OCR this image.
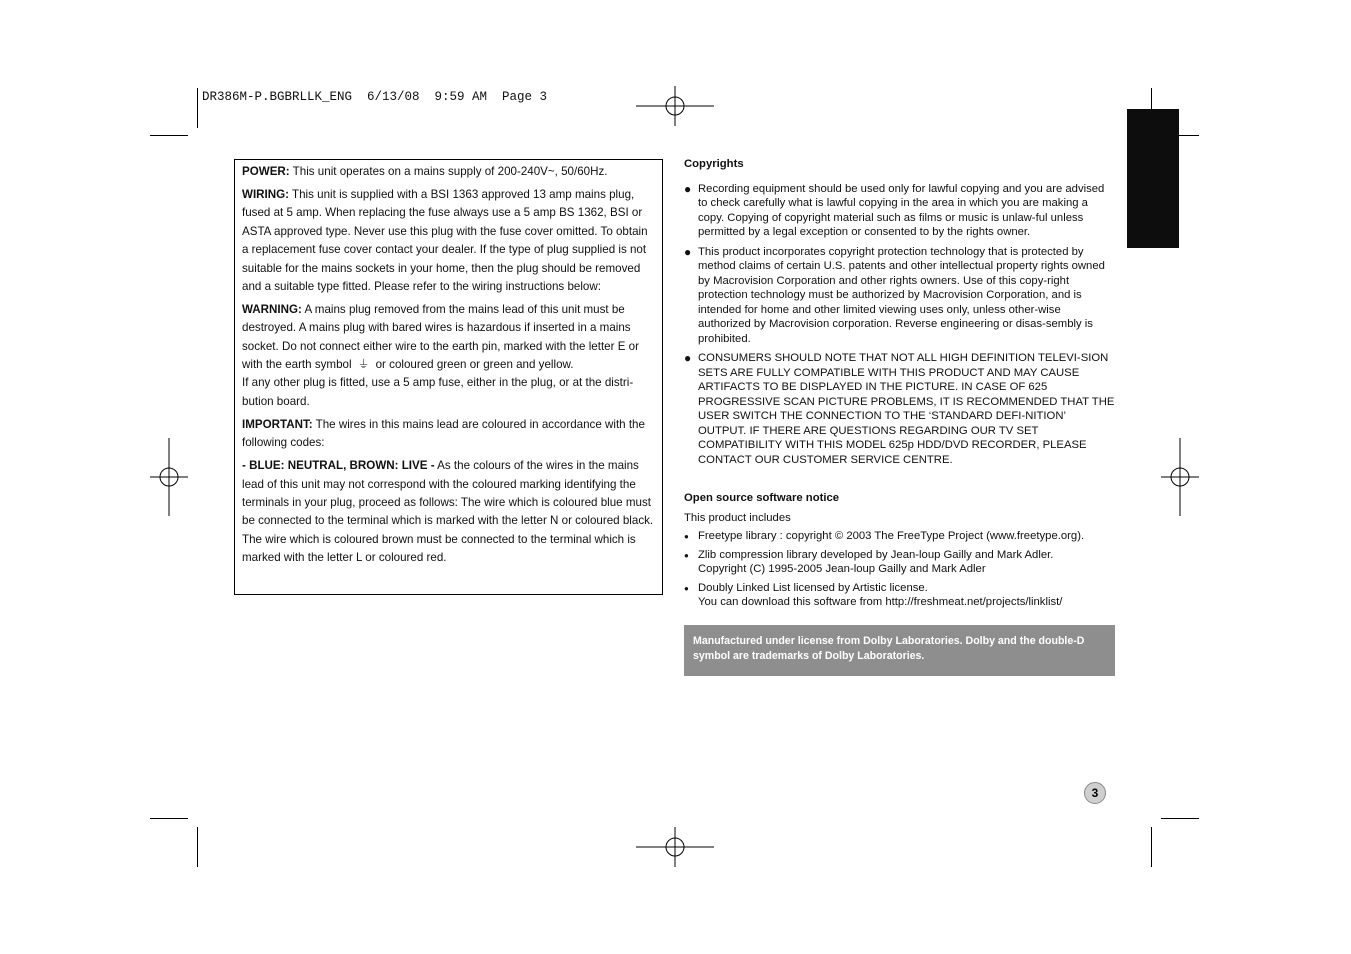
DR386M-P.BGBRLLK_ENG  6/13/08  9:59 AM  Page 3

POWER: This unit operates on a mains supply of 200-240V~, 50/60Hz.

WIRING: This unit is supplied with a BSI 1363 approved 13 amp mains plug, fused at 5 amp. When replacing the fuse always use a 5 amp BS 1362, BSI or ASTA approved type. Never use this plug with the fuse cover omitted. To obtain a replacement fuse cover contact your dealer. If the type of plug supplied is not suitable for the mains sockets in your home, then the plug should be removed and a suitable type fitted. Please refer to the wiring instructions below:

WARNING: A mains plug removed from the mains lead of this unit must be destroyed. A mains plug with bared wires is hazardous if inserted in a mains socket. Do not connect either wire to the earth pin, marked with the letter E or with the earth symbol ⏚ or coloured green or green and yellow.

If any other plug is fitted, use a 5 amp fuse, either in the plug, or at the distri-bution board.

IMPORTANT: The wires in this mains lead are coloured in accordance with the following codes:

- BLUE: NEUTRAL, BROWN: LIVE - As the colours of the wires in the mains lead of this unit may not correspond with the coloured marking identifying the terminals in your plug, proceed as follows: The wire which is coloured blue must be connected to the terminal which is marked with the letter N or coloured black. The wire which is coloured brown must be connected to the terminal which is marked with the letter L or coloured red.

Copyrights
● Recording equipment should be used only for lawful copying and you are advised to check carefully what is lawful copying in the area in which you are making a copy. Copying of copyright material such as films or music is unlaw-ful unless permitted by a legal exception or consented to by the rights owner.
● This product incorporates copyright protection technology that is protected by method claims of certain U.S. patents and other intellectual property rights owned by Macrovision Corporation and other rights owners. Use of this copy-right protection technology must be authorized by Macrovision Corporation, and is intended for home and other limited viewing uses only, unless other-wise authorized by Macrovision corporation. Reverse engineering or disas-sembly is prohibited.
● CONSUMERS SHOULD NOTE THAT NOT ALL HIGH DEFINITION TELEVI-SION SETS ARE FULLY COMPATIBLE WITH THIS PRODUCT AND MAY CAUSE ARTIFACTS TO BE DISPLAYED IN THE PICTURE. IN CASE OF 625 PROGRESSIVE SCAN PICTURE PROBLEMS, IT IS RECOMMENDED THAT THE USER SWITCH THE CONNECTION TO THE ‘STANDARD DEFI-NITION’ OUTPUT. IF THERE ARE QUESTIONS REGARDING OUR TV SET COMPATIBILITY WITH THIS MODEL 625p HDD/DVD RECORDER, PLEASE CONTACT OUR CUSTOMER SERVICE CENTRE.
Open source software notice
This product includes
● Freetype library : copyright © 2003 The FreeType Project (www.freetype.org).
● Zlib compression library developed by Jean-loup Gailly and Mark Adler.
Copyright (C) 1995-2005 Jean-loup Gailly and Mark Adler
● Doubly Linked List licensed by Artistic license.
You can download this software from http://freshmeat.net/projects/linklist/
Manufactured under license from Dolby Laboratories. Dolby and the double-D symbol are trademarks of Dolby Laboratories.
3
